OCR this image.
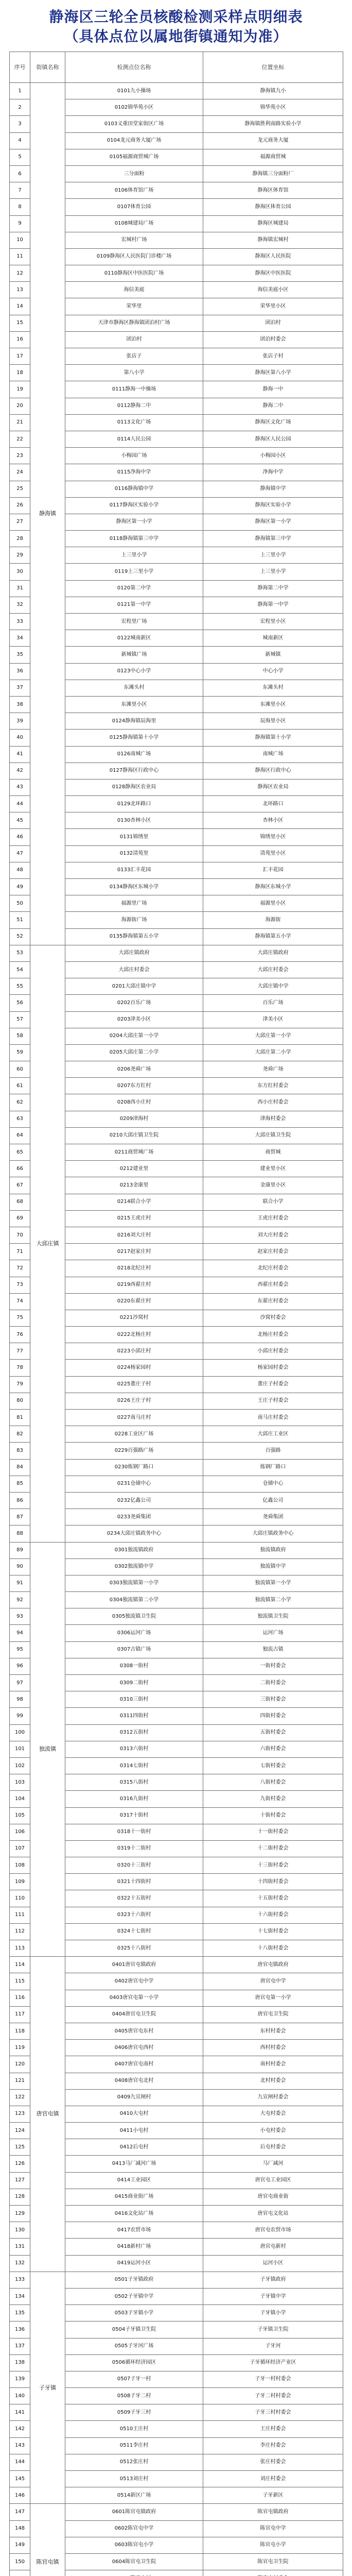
静海区三轮全员核酸检测采样点明细表
（具体点位以属地街镇通知为准）
序号	街镇名称	检测点位名称	位置坐标
1	静海镇	0101九小操场	静海镇九小
2		0102锦华苑小区	锦华苑小区
3		0103义重田堂家街区广场	静海镇胜利南路实验小学
4		0104龙元商务大厦广场	龙元商务大厦
5		0105福源商贸城广场	福源商贸城
6		三分面粉	静海镇三分面粉厂
7		0106体育馆广场	静海区体育馆
8		0107体育公园	静海区体育公园
9		0108城建局广场	静海区城建局
10		宏城村广场	静海镇宏城村
11		0109静海区人民医院门诊楼广场	静海区人民医院
12		0110静海区中医医院广场	静海区中医医院
13		海信美庭	海信美庭小区
14		荣华里	荣华里小区
15		天津市静海区静海镇团泊村广场	团泊村
16		团泊村	团泊村委会
17		张店子	张店子村
18		第八小学	静海区第八小学
19		0111静海一中操场	静海一中
20		0112静海二中	静海二中
21		0113文化广场	静海区文化广场
22		0114人民公园	静海区人民公园
23		小梅园广场	小梅园小区
24		0115净海中学	净海中学
25		0116静海镇中学	静海镇中学
26		0117静海区实验小学	静海区实验小学
27		静海区第一小学	静海区第一小学
28		0118静海镇第三中学	静海镇第三中学
29		上三里小学	上三里小学
30		0119上三里小学	上三里小学
31		0120第二中学	静海第二中学
32		0121第一中学	静海第一中学
33		宏程里广场	宏程里小区
34		0122城南新区	城南新区
35		新城镇广场	新城镇
36		0123中心小学	中心小学
37		东滩头村	东滩头村
38		东滩里小区	东滩里小区
39		0124静海镇辰海里	辰海里小区
40		0125静海镇第十小学	静海镇第十小学
41		0126南城广场	南城广场
42		0127静海区行政中心	静海区行政中心
43		0128静海区农业局	静海区农业局
44		0129北环路口	北环路口
45		0130杏林小区	杏林小区
46		0131锦绣里	锦绣里小区
47		0132清苑里	清苑里小区
48		0133汇丰花园	汇丰花园
49		0134静海区东城小学	静海区东城小学
50		福源里广场	福源里小区
51		海源街广场	海源街
52		0135静海镇第五小学	静海镇第五小学
53	大邱庄镇	大邱庄镇政府	大邱庄镇政府
54		大邱庄村委会	大邱庄村委会
55		0201大邱庄镇中学	大邱庄镇中学
56		0202百乐广场	百乐广场
57		0203津美小区	津美小区
58		0204大邱庄第一小学	大邱庄第一小学
59		0205大邱庄第二小学	大邱庄第二小学
60		0206尧舜广场	尧舜广场
61		0207东方红村	东方红村委会
62		0208西小庄村	西小庄村委会
63		0209津海村	津海村委会
64		0210大邱庄镇卫生院	大邱庄镇卫生院
65		0211商贸城广场	商贸城
66		0212建业里	建业里小区
67		0213金康里	金康里小区
68		0214联合小学	联合小学
69		0215王虎庄村	王虎庄村委会
70		0216刘大庄村	刘大庄村委会
71		0217赵家庄村	赵家庄村委会
72		0218北纪庄村	北纪庄村委会
73		0219西翟庄村	西翟庄村委会
74		0220东翟庄村	东翟庄村委会
75		0221沙窝村	沙窝村委会
76		0222北杨庄村	北杨庄村委会
77		0223小邱庄村	小邱庄村委会
78		0224杨家园村	杨家园村委会
79		0225董庄子村	董庄子村委会
80		0226王庄子村	王庄子村委会
81		0227南马庄村	南马庄村委会
82		0228工业区广场	大邱庄工业区
83		0229百强路广场	百强路
84		0230炼钢厂路口	炼钢厂路口
85		0231仓储中心	仓储中心
86		0232亿鑫公司	亿鑫公司
87		0233尧舜集团	尧舜集团
88		0234大邱庄镇政务中心	大邱庄镇政务中心
89	独流镇	0301独流镇政府	独流镇政府
90		0302独流镇中学	独流镇中学
91		0303独流镇第一小学	独流镇第一小学
92		0304独流镇第二小学	独流镇第二小学
93		0305独流镇卫生院	独流镇卫生院
94		0306运河广场	运河广场
95		0307古镇广场	独流古镇
96		0308一街村	一街村委会
97		0309二街村	二街村委会
98		0310三街村	三街村委会
99		0311四街村	四街村委会
100		0312五街村	五街村委会
101		0313六街村	六街村委会
102		0314七街村	七街村委会
103		0315八街村	八街村委会
104		0316九街村	九街村委会
105		0317十街村	十街村委会
106		0318十一街村	十一街村委会
107		0319十二街村	十二街村委会
108		0320十三街村	十三街村委会
109		0321十四街村	十四街村委会
110		0322十五街村	十五街村委会
111		0323十六街村	十六街村委会
112		0324十七街村	十七街村委会
113		0325十八街村	十八街村委会
114	唐官屯镇	0401唐官屯镇政府	唐官屯镇政府
115		0402唐官屯中学	唐官屯中学
116		0403唐官屯第一小学	唐官屯第一小学
117		0404唐官屯卫生院	唐官屯卫生院
118		0405唐官屯东村	东村村委会
119		0406唐官屯西村	西村村委会
120		0407唐官屯南村	南村村委会
121		0408唐官屯北村	北村村委会
122		0409九宣闸村	九宣闸村委会
123		0410大屯村	大屯村委会
124		0411小屯村	小屯村委会
125		0412后屯村	后屯村委会
126		0413马厂减河广场	马厂减河
127		0414工业园区	唐官屯工业园区
128		0415商业街广场	唐官屯商业街
129		0416文化站广场	唐官屯文化站
130		0417农贸市场	唐官屯农贸市场
131		0418新村广场	唐官屯新村
132		0419运河小区	运河小区
133	子牙镇	0501子牙镇政府	子牙镇政府
134		0502子牙镇中学	子牙镇中学
135		0503子牙镇小学	子牙镇小学
136		0504子牙镇卫生院	子牙镇卫生院
137		0505子牙河广场	子牙河
138		0506循环经济园区	子牙循环经济产业区
139		0507子牙一村	子牙一村村委会
140		0508子牙二村	子牙二村村委会
141		0509子牙三村	子牙三村村委会
142		0510王庄村	王庄村委会
143		0511李庄村	李庄村委会
144		0512张庄村	张庄村委会
145		0513刘庄村	刘庄村委会
146		0514新区广场	子牙新区
147	陈官屯镇	0601陈官屯镇政府	陈官屯镇政府
148		0602陈官屯中学	陈官屯中学
149		0603陈官屯小学	陈官屯小学
150		0604陈官屯卫生院	陈官屯卫生院
